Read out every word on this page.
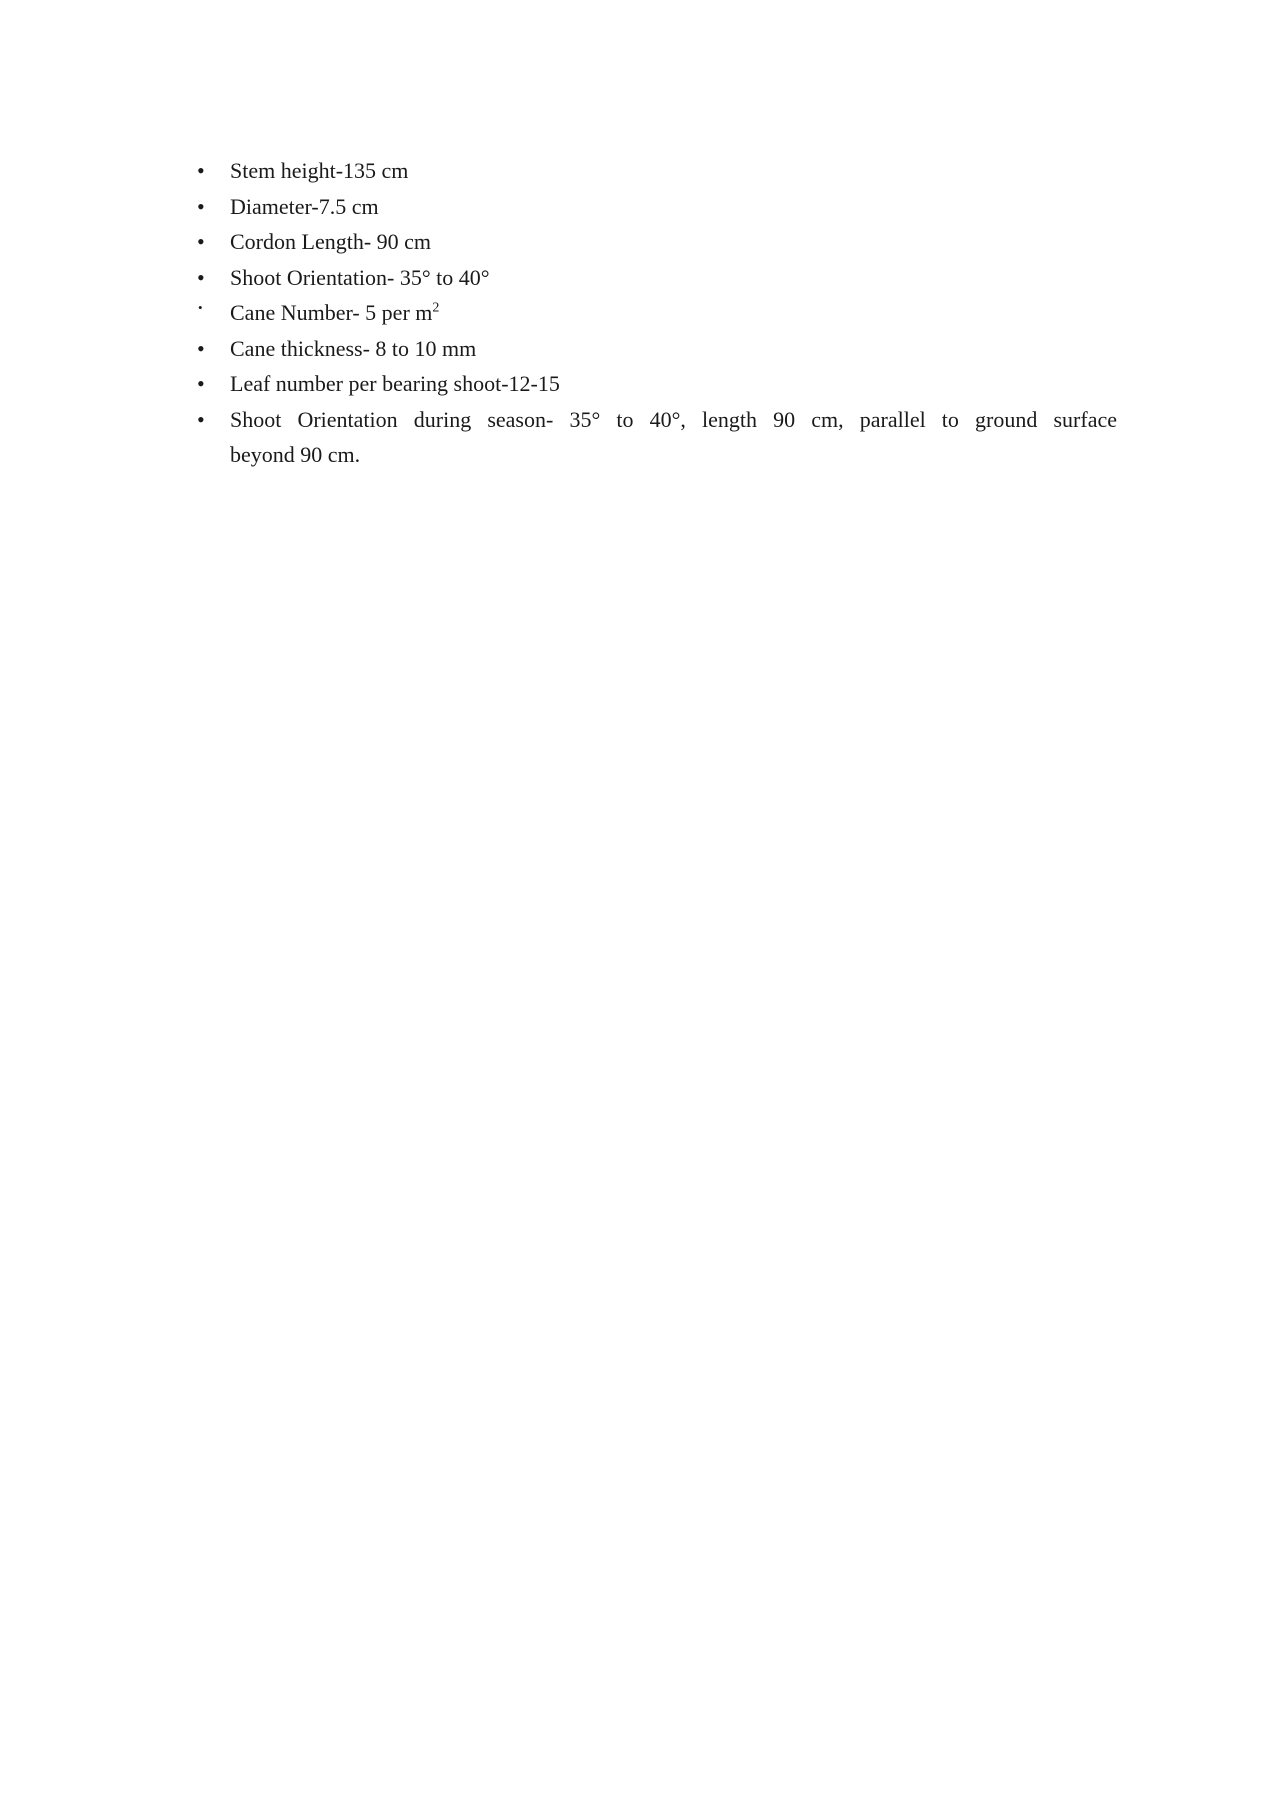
•	Stem height-135 cm
•	Diameter-7.5 cm
•	Cordon Length- 90 cm
•	Shoot Orientation- 35° to 40°
•	Cane Number- 5 per $m^2$
•	Cane thickness- 8 to 10 mm
•	Leaf number per bearing shoot-12-15
•	Shoot Orientation during season- 35° to 40°, length 90 cm, parallel to ground surface
beyond 90 cm.
